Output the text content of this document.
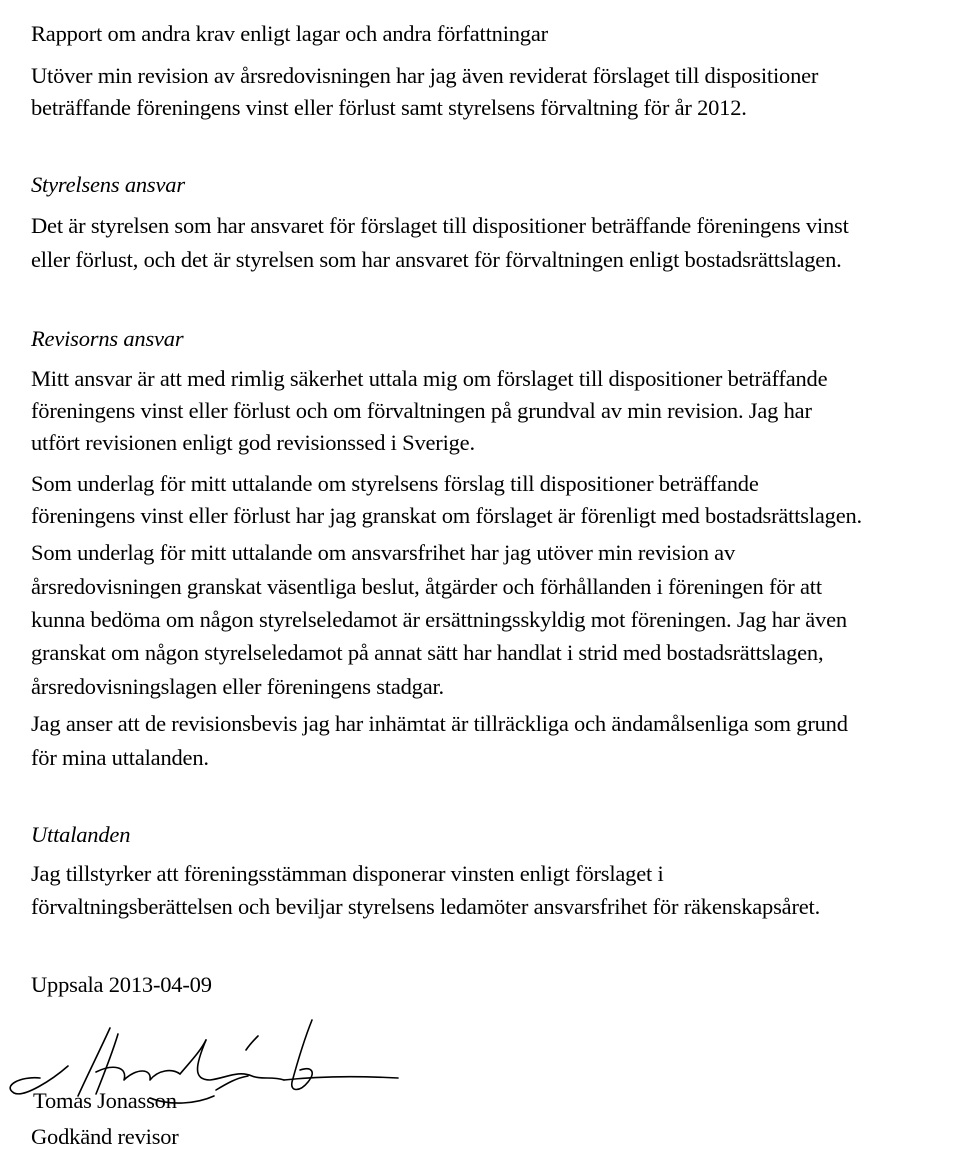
Rapport om andra krav enligt lagar och andra författningar
Utöver min revision av årsredovisningen har jag även reviderat förslaget till dispositioner
beträffande föreningens vinst eller förlust samt styrelsens förvaltning för år 2012.
Styrelsens ansvar
Det är styrelsen som har ansvaret för förslaget till dispositioner beträffande föreningens vinst
eller förlust, och det är styrelsen som har ansvaret för förvaltningen enligt bostadsrättslagen.
Revisorns ansvar
Mitt ansvar är att med rimlig säkerhet uttala mig om förslaget till dispositioner beträffande
föreningens vinst eller förlust och om förvaltningen på grundval av min revision. Jag har
utfört revisionen enligt god revisionssed i Sverige.
Som underlag för mitt uttalande om styrelsens förslag till dispositioner beträffande
föreningens vinst eller förlust har jag granskat om förslaget är förenligt med bostadsrättslagen.
Som underlag för mitt uttalande om ansvarsfrihet har jag utöver min revision av
årsredovisningen granskat väsentliga beslut, åtgärder och förhållanden i föreningen för att
kunna bedöma om någon styrelseledamot är ersättningsskyldig mot föreningen. Jag har även
granskat om någon styrelseledamot på annat sätt har handlat i strid med bostadsrättslagen,
årsredovisningslagen eller föreningens stadgar.
Jag anser att de revisionsbevis jag har inhämtat är tillräckliga och ändamålsenliga som grund
för mina uttalanden.
Uttalanden
Jag tillstyrker att föreningsstämman disponerar vinsten enligt förslaget i
förvaltningsberättelsen och beviljar styrelsens ledamöter ansvarsfrihet för räkenskapsåret.
Uppsala 2013-04-09
Tomas Jonasson
Godkänd revisor
